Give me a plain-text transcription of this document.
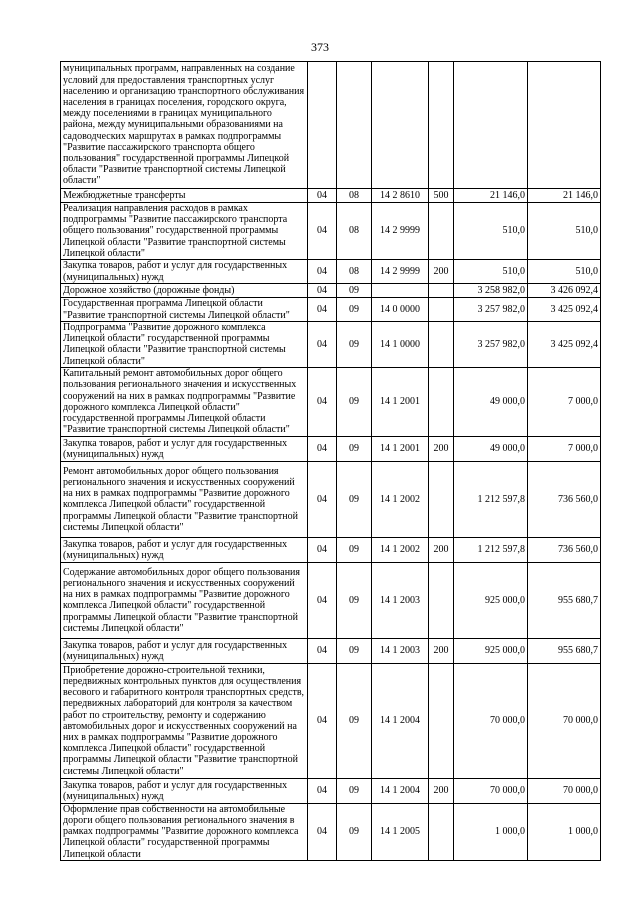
373
муниципальных программ, направленных на создание условий для предоставления транспортных услуг населению и организацию транспортного обслуживания населения в границах поселения, городского округа, между поселениями в границах муниципального района, между муниципальными образованиями на садоводческих маршрутах в рамках подпрограммы "Развитие пассажирского транспорта общего пользования" государственной программы Липецкой области "Развитие транспортной системы Липецкой области"						
Межбюджетные трансферты	04	08	14 2 8610	500	21 146,0	21 146,0
Реализация направления расходов в рамках подпрограммы "Развитие пассажирского транспорта общего пользования" государственной программы Липецкой области "Развитие транспортной системы Липецкой области"	04	08	14 2 9999		510,0	510,0
Закупка товаров, работ и услуг для государственных (муниципальных) нужд	04	08	14 2 9999	200	510,0	510,0
Дорожное хозяйство (дорожные фонды)	04	09			3 258 982,0	3 426 092,4
Государственная программа Липецкой области "Развитие транспортной системы Липецкой области"	04	09	14 0 0000		3 257 982,0	3 425 092,4
Подпрограмма "Развитие дорожного комплекса Липецкой области" государственной программы Липецкой области "Развитие транспортной системы Липецкой области"	04	09	14 1 0000		3 257 982,0	3 425 092,4
Капитальный ремонт автомобильных дорог общего пользования регионального значения и искусственных сооружений на них в рамках подпрограммы "Развитие дорожного комплекса Липецкой области" государственной программы Липецкой области "Развитие транспортной системы Липецкой области"	04	09	14 1 2001		49 000,0	7 000,0
Закупка товаров, работ и услуг для государственных (муниципальных) нужд	04	09	14 1 2001	200	49 000,0	7 000,0
Ремонт автомобильных дорог общего пользования регионального значения и искусственных сооружений на них в рамках подпрограммы "Развитие дорожного комплекса Липецкой области" государственной программы Липецкой области "Развитие транспортной системы Липецкой области"	04	09	14 1 2002		1 212 597,8	736 560,0
Закупка товаров, работ и услуг для государственных (муниципальных) нужд	04	09	14 1 2002	200	1 212 597,8	736 560,0
Содержание автомобильных дорог общего пользования регионального значения и искусственных сооружений на них в рамках подпрограммы "Развитие дорожного комплекса Липецкой области" государственной программы Липецкой области "Развитие транспортной системы Липецкой области"	04	09	14 1 2003		925 000,0	955 680,7
Закупка товаров, работ и услуг для государственных (муниципальных) нужд	04	09	14 1 2003	200	925 000,0	955 680,7
Приобретение дорожно-строительной техники, передвижных контрольных пунктов для осуществления весового и габаритного контроля транспортных средств, передвижных лабораторий для контроля за качеством работ по строительству, ремонту и содержанию автомобильных дорог и искусственных сооружений на них в рамках подпрограммы "Развитие дорожного комплекса Липецкой области" государственной программы Липецкой области "Развитие транспортной системы Липецкой области"	04	09	14 1 2004		70 000,0	70 000,0
Закупка товаров, работ и услуг для государственных (муниципальных) нужд	04	09	14 1 2004	200	70 000,0	70 000,0
Оформление прав собственности на автомобильные дороги общего пользования регионального значения в рамках подпрограммы "Развитие дорожного комплекса Липецкой области" государственной программы Липецкой области	04	09	14 1 2005		1 000,0	1 000,0
